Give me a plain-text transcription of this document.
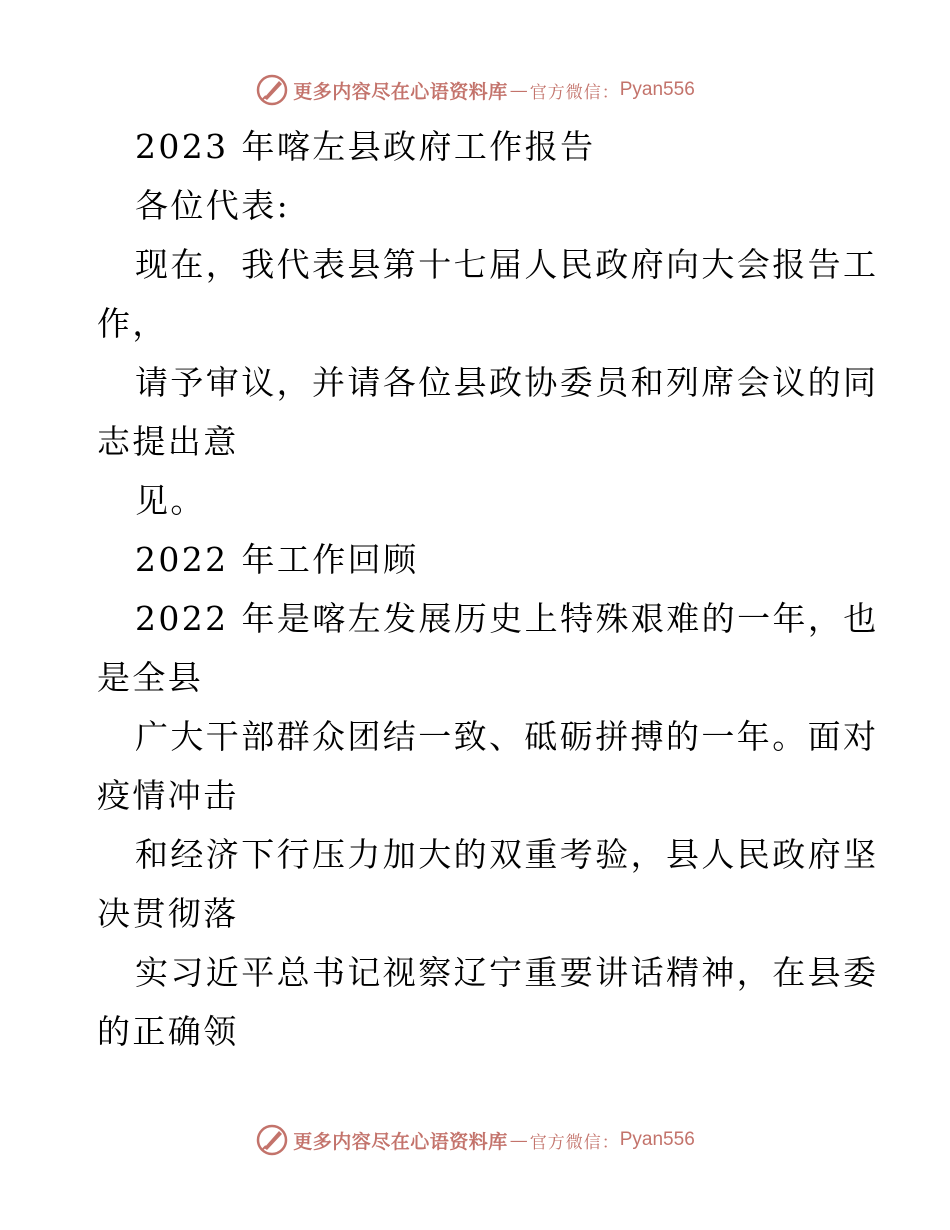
更多内容尽在心语资料库 — 官方微信： Pyan556
2023 年喀左县政府工作报告
各位代表:
现在，我代表县第十七届人民政府向大会报告工
作，
请予审议，并请各位县政协委员和列席会议的同
志提出意
见。
2022 年工作回顾
2022 年是喀左发展历史上特殊艰难的一年，也
是全县
广大干部群众团结一致、砥砺拼搏的一年。面对
疫情冲击
和经济下行压力加大的双重考验，县人民政府坚
决贯彻落
实习近平总书记视察辽宁重要讲话精神，在县委
的正确领
更多内容尽在心语资料库 — 官方微信： Pyan556
